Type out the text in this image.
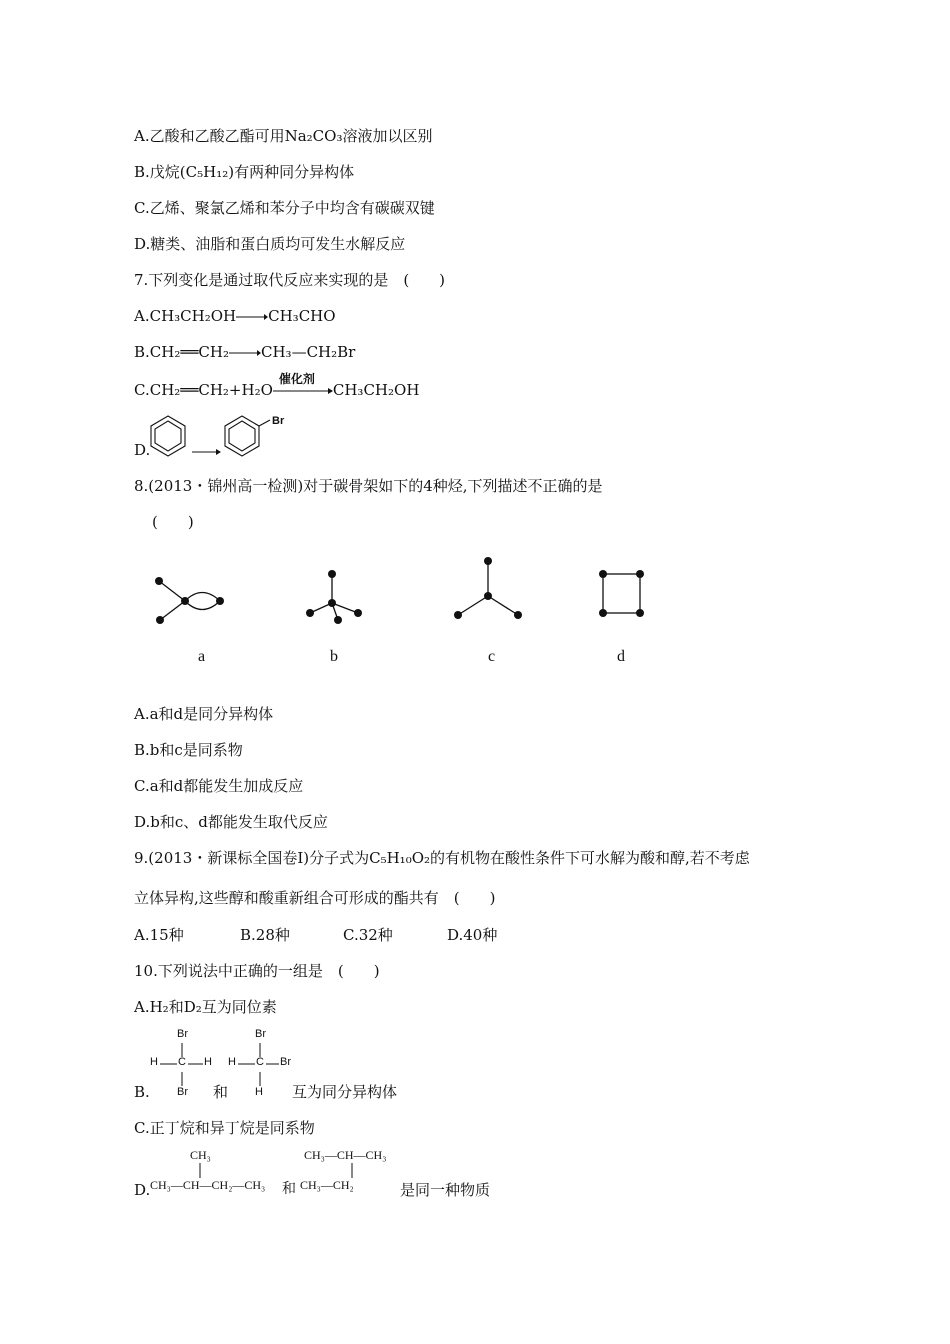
A.乙酸和乙酸乙酯可用Na₂CO₃溶液加以区别
B.戊烷(C₅H₁₂)有两种同分异构体
C.乙烯、聚氯乙烯和苯分子中均含有碳碳双键
D.糖类、油脂和蛋白质均可发生水解反应
7.下列变化是通过取代反应来实现的是　(　　)
A.CH₃CH₂OH→CH₃CHO
B.CH₂══CH₂→CH₃—CH₂Br
C.CH₂══CH₂+H₂O
催化剂
CH₃CH₂OH
D.
Br
8.(2013・锦州高一检测)对于碳骨架如下的4种烃,下列描述不正确的是
(　　)
a	b	c	d
A.a和d是同分异构体
B.b和c是同系物
C.a和d都能发生加成反应
D.b和c、d都能发生取代反应
9.(2013・新课标全国卷Ⅰ)分子式为C₅H₁₀O₂的有机物在酸性条件下可水解为酸和醇,若不考虑
立体异构,这些醇和酸重新组合可形成的酯共有　(　　)
A.15种	B.28种	C.32种	D.40种
10.下列说法中正确的一组是　(　　)
A.H₂和D₂互为同位素
Br
H C H
Br
Br
H C Br
H
B.	和	互为同分异构体
C.正丁烷和异丁烷是同系物
D.
CH₃
CH₃—CH—CH₂—CH₃ 和
CH₃—CH—CH₃
CH₃—CH₂	是同一种物质
